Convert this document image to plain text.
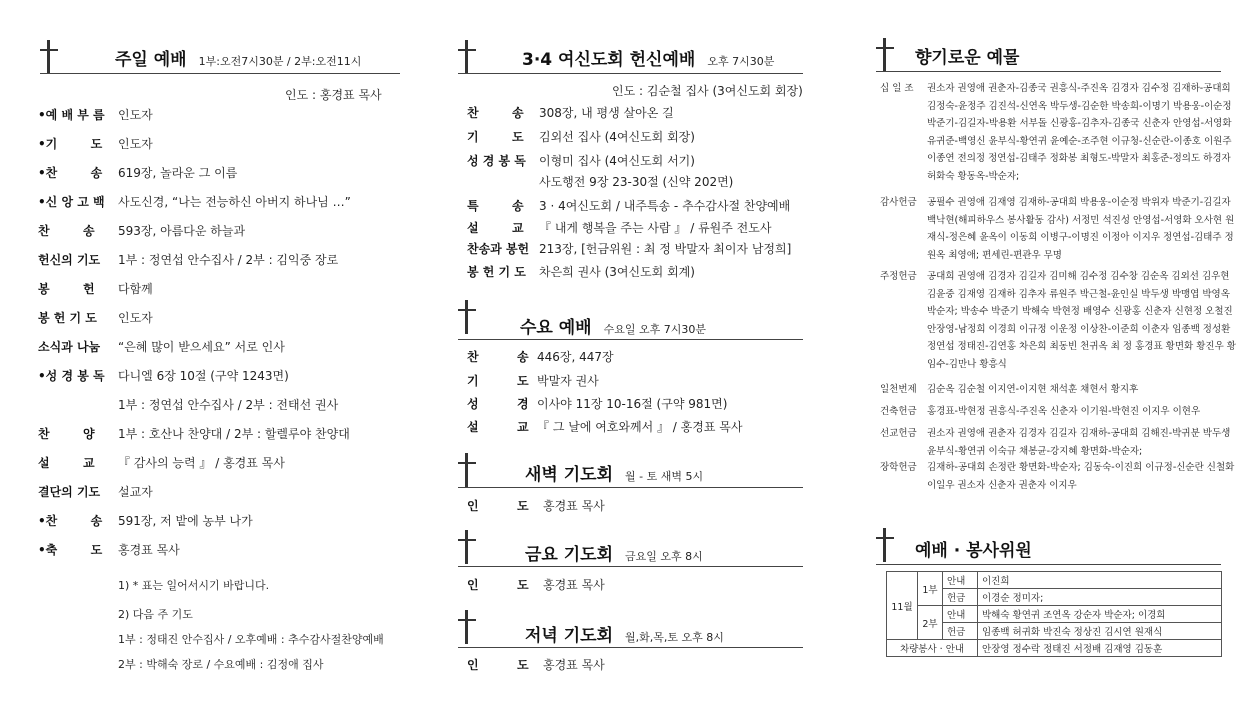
주일 예배 1부:오전7시30분 / 2부:오전11시
인도 : 홍경표 목사
•예 배 부 름 인도자
•기        도 인도자
•찬        송 619장, 놀라운 그 이름
•신 앙 고 백 사도신경, “나는 전능하신 아버지 하나님 …”
찬        송 593장, 아름다운 하늘과
헌신의 기도 1부 : 정연섭 안수집사 / 2부 : 김익중 장로
봉        헌 다함께
봉 헌 기 도 인도자
소식과 나눔 “은혜 많이 받으세요” 서로 인사
•성 경 봉 독 다니엘 6장 10절 (구약 1243면)
1부 : 정연섭 안수집사 / 2부 : 전태선 권사
찬        양 1부 : 호산나 찬양대 / 2부 : 할렐루야 찬양대
설        교 『 감사의 능력 』 / 홍경표 목사
결단의 기도 설교자
•찬        송 591장, 저 밭에 농부 나가
•축        도 홍경표 목사
1) * 표는 일어서시기 바랍니다.
2) 다음 주 기도
1부 : 정태진 안수집사 / 오후예배 : 추수감사절찬양예배
2부 : 박해숙 장로 / 수요예배 : 김정애 집사
3·4 여신도회 헌신예배 오후 7시30분
인도 : 김순철 집사 (3여신도회 회장)
찬        송 308장, 내 평생 살아온 길
기        도 김외선 집사 (4여신도회 회장)
성 경 봉 독 이형미 집사 (4여신도회 서기)
사도행전 9장 23-30절 (신약 202면)
특        송 3 · 4여신도회 / 내주특송 - 추수감사절 찬양예배
설        교 『 내게 행복을 주는 사람 』 / 류원주 전도사
찬송과 봉헌 213장, [헌금위원 : 최 정 박말자 최이자 남정희]
봉 헌 기 도 차은희 권사 (3여신도회 회계)
수요 예배 수요일 오후 7시30분
찬	송 446장, 447장
기	도 박말자 권사
성	경 이사야 11장 10-16절 (구약 981면)
설	교 『 그 날에 여호와께서 』 / 홍경표 목사
새벽 기도회 월 - 토 새벽 5시
인	도 홍경표 목사
금요 기도회 금요일 오후 8시
인	도 홍경표 목사
저녁 기도회 월,화,목,토 오후 8시
인	도 홍경표 목사
향기로운 예물
십 일 조 권소자 권영애 권춘자-김종국 권흥식-주진옥 김경자 김수정 김재하-공대희 김정숙-윤정주 김진석-신연옥 박두생-김순한 박송희-이명기 박용웅-이순정 박준기-김길자-박용환 서부돌 신광홍-김추자-김종국 신춘자 안영섭-서영화 유귀준-백영신 윤부식-황연귀 윤예순-조주현 이규청-신순란-이종호 이원주 이종연 전의정 정연섭-김태주 정화봉 최형도-박말자 최홍준-정의도 하경자 허화숙 황동옥-박순자;
감사헌금 공필수 권영애 김재영 김재하-공대희 박용웅-이순정 박위자 박준기-김길자 백낙현(해피하우스 봉사활동 감사) 서정민 석진성 안영섭-서영화 오사현 원재식-정은혜 윤옥이 이동희 이병구-이명진 이정아 이지우 정연섭-김태주 정원옥 최영애; 편세린-편관우 무명
주정헌금 공대희 권영애 김경자 김길자 김미해 김수정 김수창 김순옥 김외선 김우현 김윤중 김재영 김재하 김추자 류원주 박근철-윤인실 박두생 박맹엽 박영옥 박순자; 박송수 박준기 박해숙 박현정 배영수 신광홍 신춘자 신현정 오철진 안장영-남정희 이경희 이규정 이운정 이상찬-이준희 이춘자 임종백 정성환 정연섭 정태진-김연홍 차은희 최동빈 천귀옥 최 정 홍경표 황면화 황진우 황임수-김만나 황흥식
일천번제 김순옥 김순철 이지연-이지현 채석훈 채현서 황지후
건축헌금 홍경표-박현정 권흥식-주진옥 신춘자 이기원-박현진 이지우 이현우
선교헌금 권소자 권영애 권춘자 김경자 김길자 김재하-공대희 김해진-박귀분 박두생 윤부식-황연귀 이숙규 채봉균-강지혜 황면화-박순자;
장학헌금 김재하-공대희 손정란 황면화-박순자; 김동숙-이진희 이규정-신순란 신철화 이일우 권소자 신춘자 권춘자 이지우
예배 · 봉사위원
11월	1부	안내	이진희
		헌금	이경순 정미자;
	2부	안내	박해숙 황연귀 조연옥 강순자 박순자; 이경희
		헌금	임종백 허귀화 박진숙 정상진 김시연 원재식
차량봉사 · 안내			안장영 정수락 정태진 서정배 김재영 김동훈
